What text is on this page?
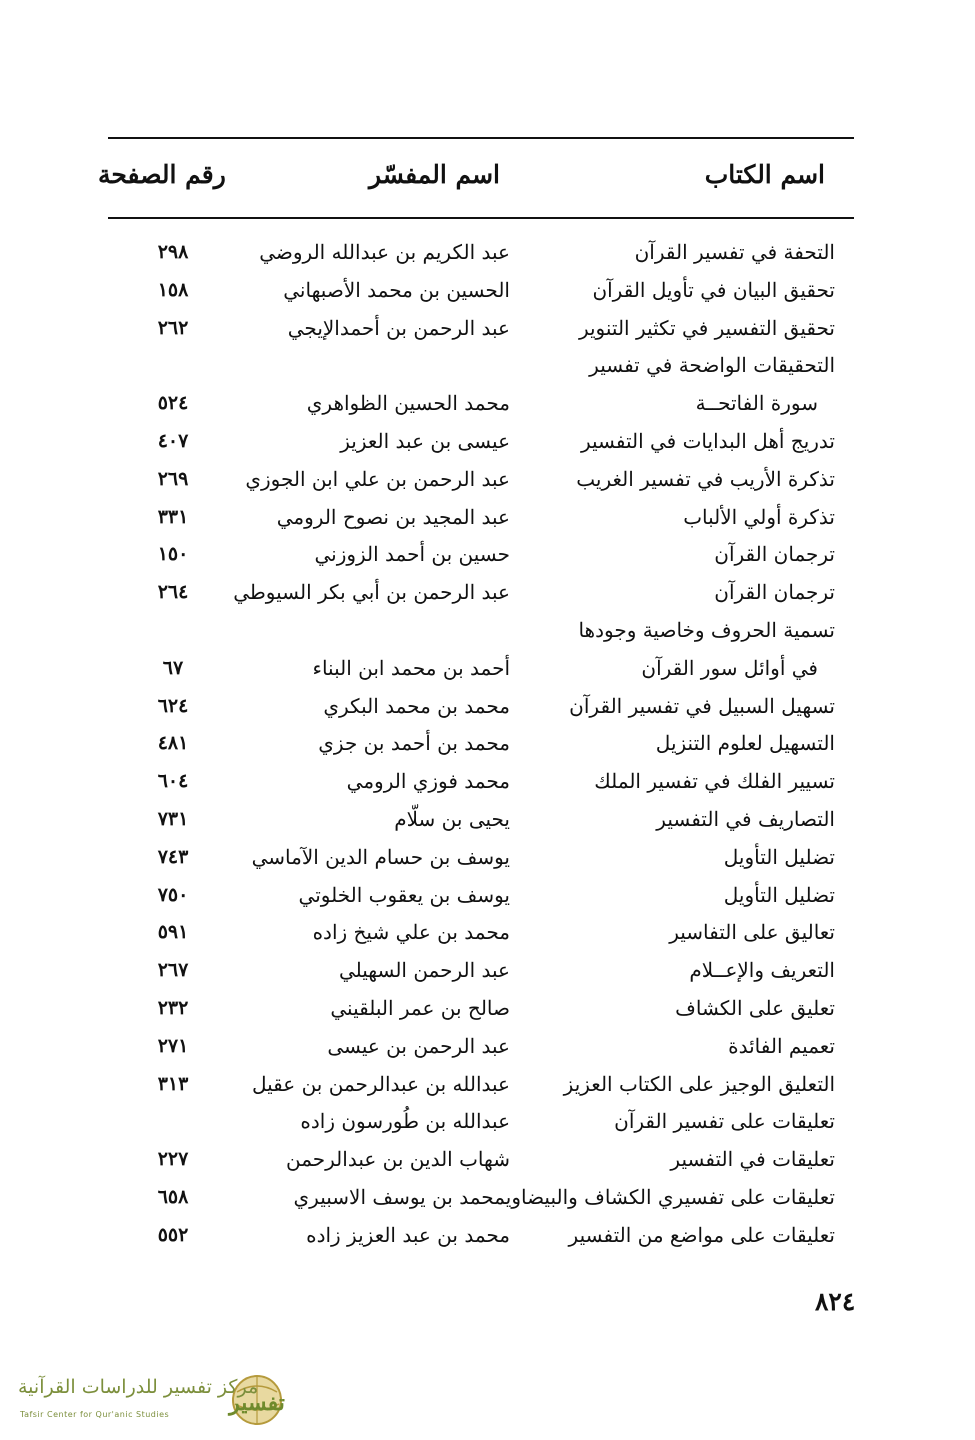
اسم الكتاب
اسم المفسّر
رقم الصفحة
التحفة في تفسير القرآن
عبد الكريم بن عبدالله الروضي
٢٩٨
تحقيق البيان في تأويل القرآن
الحسين بن محمد الأصبهاني
١٥٨
تحقيق التفسير في تكثير التنوير
عبد الرحمن بن أحمدالإيجي
٢٦٢
التحقيقات الواضحة في تفسير
سورة الفاتحــة
محمد الحسين الظواهري
٥٢٤
تدريج أهل البدايات في التفسير
عيسى بن عبد العزيز
٤٠٧
تذكرة الأريب في تفسير الغريب
عبد الرحمن بن علي ابن الجوزي
٢٦٩
تذكرة أولي الألباب
عبد المجيد بن نصوح الرومي
٣٣١
ترجمان القرآن
حسين بن أحمد الزوزني
١٥٠
ترجمان القرآن
عبد الرحمن بن أبي بكر السيوطي
٢٦٤
تسمية الحروف وخاصية وجودها
في أوائل سور القرآن
أحمد بن محمد ابن البناء
٦٧
تسهيل السبيل في تفسير القرآن
محمد بن محمد البكري
٦٢٤
التسهيل لعلوم التنزيل
محمد بن أحمد بن جزي
٤٨١
تسيير الفلك في تفسير الملك
محمد فوزي الرومي
٦٠٤
التصاريف في التفسير
يحيى بن سلّام
٧٣١
تضليل التأويل
يوسف بن حسام الدين الآماسي
٧٤٣
تضليل التأويل
يوسف بن يعقوب الخلوتي
٧٥٠
تعاليق على التفاسير
محمد بن علي شيخ زاده
٥٩١
التعريف والإعــلام
عبد الرحمن السهيلي
٢٦٧
تعليق على الكشاف
صالح بن عمر البلقيني
٢٣٢
تعميم الفائدة
عبد الرحمن بن عيسى
٢٧١
التعليق الوجيز على الكتاب العزيز
عبدالله بن عبدالرحمن بن عقيل
٣١٣
تعليقات على تفسير القرآن
عبدالله بن طُورسون زاده
تعليقات في التفسير
شهاب الدين بن عبدالرحمن
٢٢٧
تعليقات على تفسيري الكشاف والبيضاويمحمد بن يوسف الاسبيري
٦٥٨
تعليقات على مواضع من التفسير
محمد بن عبد العزيز زاده
٥٥٢
٨٢٤
تفسير
مركز تفسير للدراسات القرآنية
Tafsir Center for Qur'anic Studies
